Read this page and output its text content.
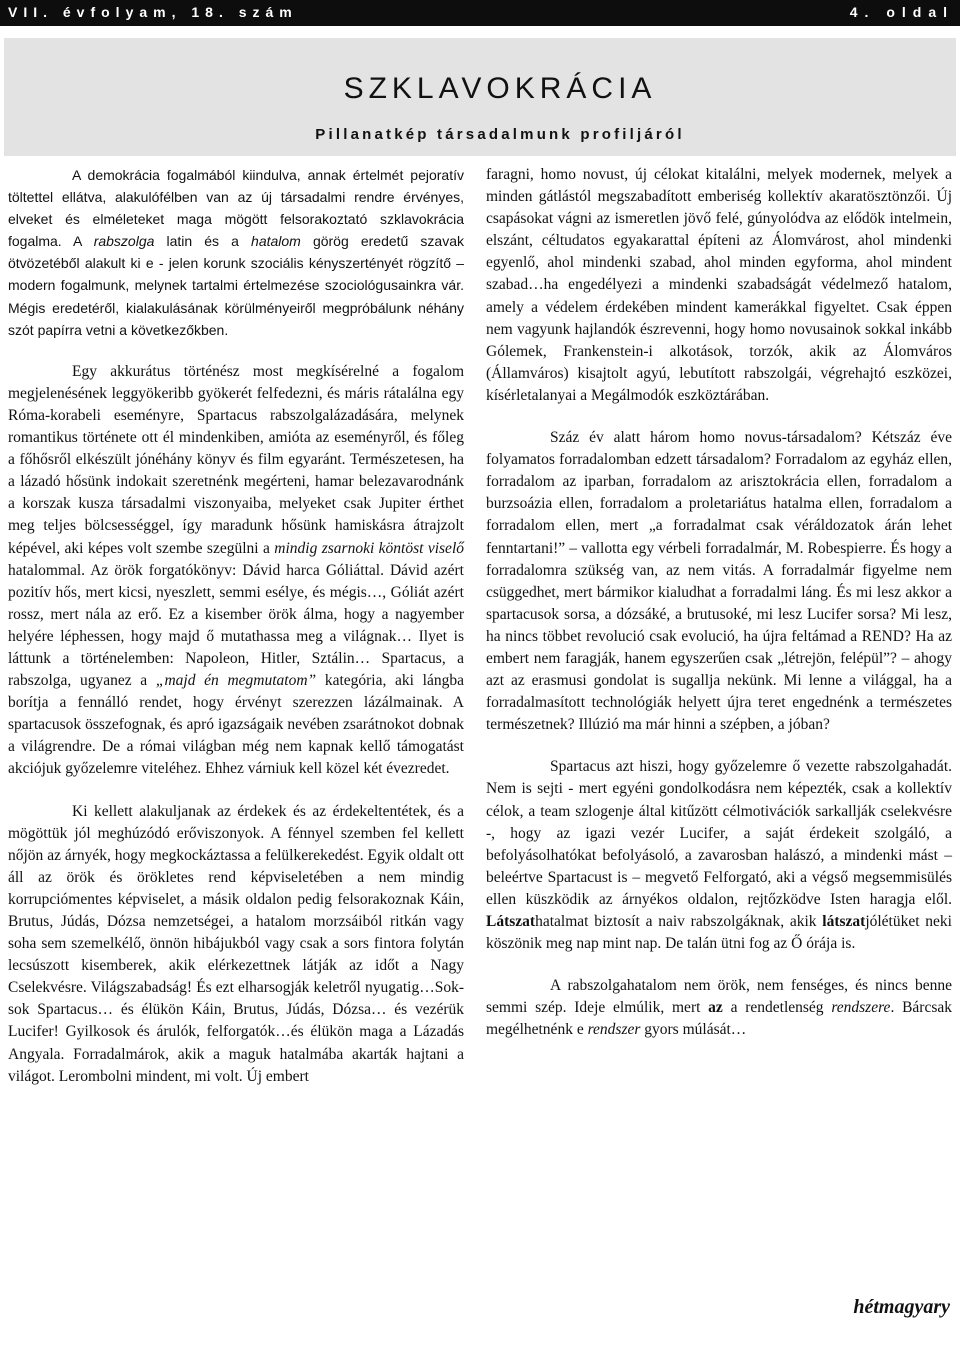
VII. évfolyam, 18. szám	4. oldal
SZKLAVOKRÁCIA
Pillanatkép társadalmunk profiljáról

A demokrácia fogalmából kiindulva, annak értelmét pejoratív töltettel ellátva, alakulófélben van az új társadalmi rendre érvényes, elveket és elméleteket maga mögött felsorakoztató szklavokrácia fogalma. A rabszolga latin és a hatalom görög eredetű szavak ötvözetéből alakult ki e - jelen korunk szociális kényszertényét rögzítő – modern fogalmunk, melynek tartalmi értelmezése szociológusainkra vár. Mégis eredetéről, kialakulásának körülményeiről megpróbálunk néhány szót papírra vetni a következőkben.

Egy akkurátus történész most megkísérelné a fogalom megjelenésének leggyökeribb gyökerét felfedezni, és máris rátalálna egy Róma-korabeli eseményre, Spartacus rabszolgalázadására, melynek romantikus története ott él mindenkiben, amióta az eseményről, és főleg a főhősről elkészült jónéhány könyv és film egyaránt. Természetesen, ha a lázadó hősünk indokait szeretnénk megérteni, hamar belezavarodnánk a korszak kusza társadalmi viszonyaiba, melyeket csak Jupiter érthet meg teljes bölcsességgel, így maradunk hősünk hamiskásra átrajzolt képével, aki képes volt szembe szegülni a mindig zsarnoki köntöst viselő hatalommal. Az örök forgatókönyv: Dávid harca Góliáttal. Dávid azért pozitív hős, mert kicsi, nyeszlett, semmi esélye, és mégis…, Góliát azért rossz, mert nála az erő. Ez a kisember örök álma, hogy a nagyember helyére léphessen, hogy majd ő mutathassa meg a világnak… Ilyet is láttunk a történelemben: Napoleon, Hitler, Sztálin… Spartacus, a rabszolga, ugyanez a „majd én megmutatom” kategória, aki lángba borítja a fennálló rendet, hogy érvényt szerezzen lázálmainak. A spartacusok összefognak, és apró igazságaik nevében zsarátnokot dobnak a világrendre. De a római világban még nem kapnak kellő támogatást akciójuk győzelemre viteléhez. Ehhez várniuk kell közel két évezredet.

Ki kellett alakuljanak az érdekek és az érdekeltentétek, és a mögöttük jól meghúzódó erőviszonyok. A fénnyel szemben fel kellett nőjön az árnyék, hogy megkockáztassa a felülkerekedést. Egyik oldalt ott áll az örök és örökletes rend képviseletében a nem mindig korrupciómentes képviselet, a másik oldalon pedig felsorakoznak Káin, Brutus, Júdás, Dózsa nemzetségei, a hatalom morzsáiból ritkán vagy soha sem szemelkélő, önnön hibájukból vagy csak a sors fintora folytán lecsúszott kisemberek, akik elérkezettnek látják az időt a Nagy Cselekvésre. Világszabadság! És ezt elharsogják keletről nyugatig…Sok-sok Spartacus… és élükön Káin, Brutus, Júdás, Dózsa… és vezérük Lucifer! Gyilkosok és árulók, felforgatók…és élükön maga a Lázadás Angyala. Forradalmárok, akik a maguk hatalmába akarták hajtani a világot. Lerombolni mindent, mi volt. Új embert

faragni, homo novust, új célokat kitalálni, melyek modernek, melyek a minden gátlástól megszabadított emberiség kollektív akaratösztönzői. Új csapásokat vágni az ismeretlen jövő felé, gúnyolódva az elődök intelmein, elszánt, céltudatos egyakarattal építeni az Álomvárost, ahol mindenki egyenlő, ahol mindenki szabad, ahol minden egyforma, ahol mindent szabad…ha engedélyezi a mindenki szabadságát védelmező hatalom, amely a védelem érdekében mindent kamerákkal figyeltet. Csak éppen nem vagyunk hajlandók észrevenni, hogy homo novusainok sokkal inkább Gólemek, Frankenstein-i alkotások, torzók, akik az Álomváros (Államváros) kisajtolt agyú, lebutított rabszolgái, végrehajtó eszközei, kísérletalanyai a Megálmodók eszköztárában.

Száz év alatt három homo novus-társadalom? Kétszáz éve folyamatos forradalomban edzett társadalom? Forradalom az egyház ellen, forradalom az iparban, forradalom az arisztokrácia ellen, forradalom a burzsoázia ellen, forradalom a proletariátus hatalma ellen, forradalom a forradalom ellen, mert „a forradalmat csak véráldozatok árán lehet fenntartani!” – vallotta egy vérbeli forradalmár, M. Robespierre. És hogy a forradalomra szükség van, az nem vitás. A forradalmár figyelme nem csüggedhet, mert bármikor kialudhat a forradalmi láng. És mi lesz akkor a spartacusok sorsa, a dózsáké, a brutusoké, mi lesz Lucifer sorsa? Mi lesz, ha nincs többet revolució csak evolució, ha újra feltámad a REND? Ha az embert nem faragják, hanem egyszerűen csak „létrejön, felépül”? – ahogy azt az erasmusi gondolat is sugallja nekünk. Mi lenne a világgal, ha a forradalmasított technológiák helyett újra teret engednénk a természetes természetnek? Illúzió ma már hinni a szépben, a jóban?

Spartacus azt hiszi, hogy győzelemre ő vezette rabszolgahadát. Nem is sejti - mert egyéni gondolkodásra nem képezték, csak a kollektív célok, a team szlogenje által kitűzött célmotivációk sarkallják cselekvésre -, hogy az igazi vezér Lucifer, a saját érdekeit szolgáló, a befolyásolhatókat befolyásoló, a zavarosban halászó, a mindenki mást – beleértve Spartacust is – megvető Felforgató, aki a végső megsemmisülés ellen küszködik az árnyékos oldalon, rejtőzködve Isten haragja elől. Látszathatalmat biztosít a naiv rabszolgáknak, akik látszatjólétüket neki köszönik meg nap mint nap. De talán ütni fog az Ő órája is.

A rabszolgahatalom nem örök, nem fenséges, és nincs benne semmi szép. Ideje elmúlik, mert az a rendetlenség rendszere. Bárcsak megélhetnénk e rendszer gyors múlását…

hétmagyary
